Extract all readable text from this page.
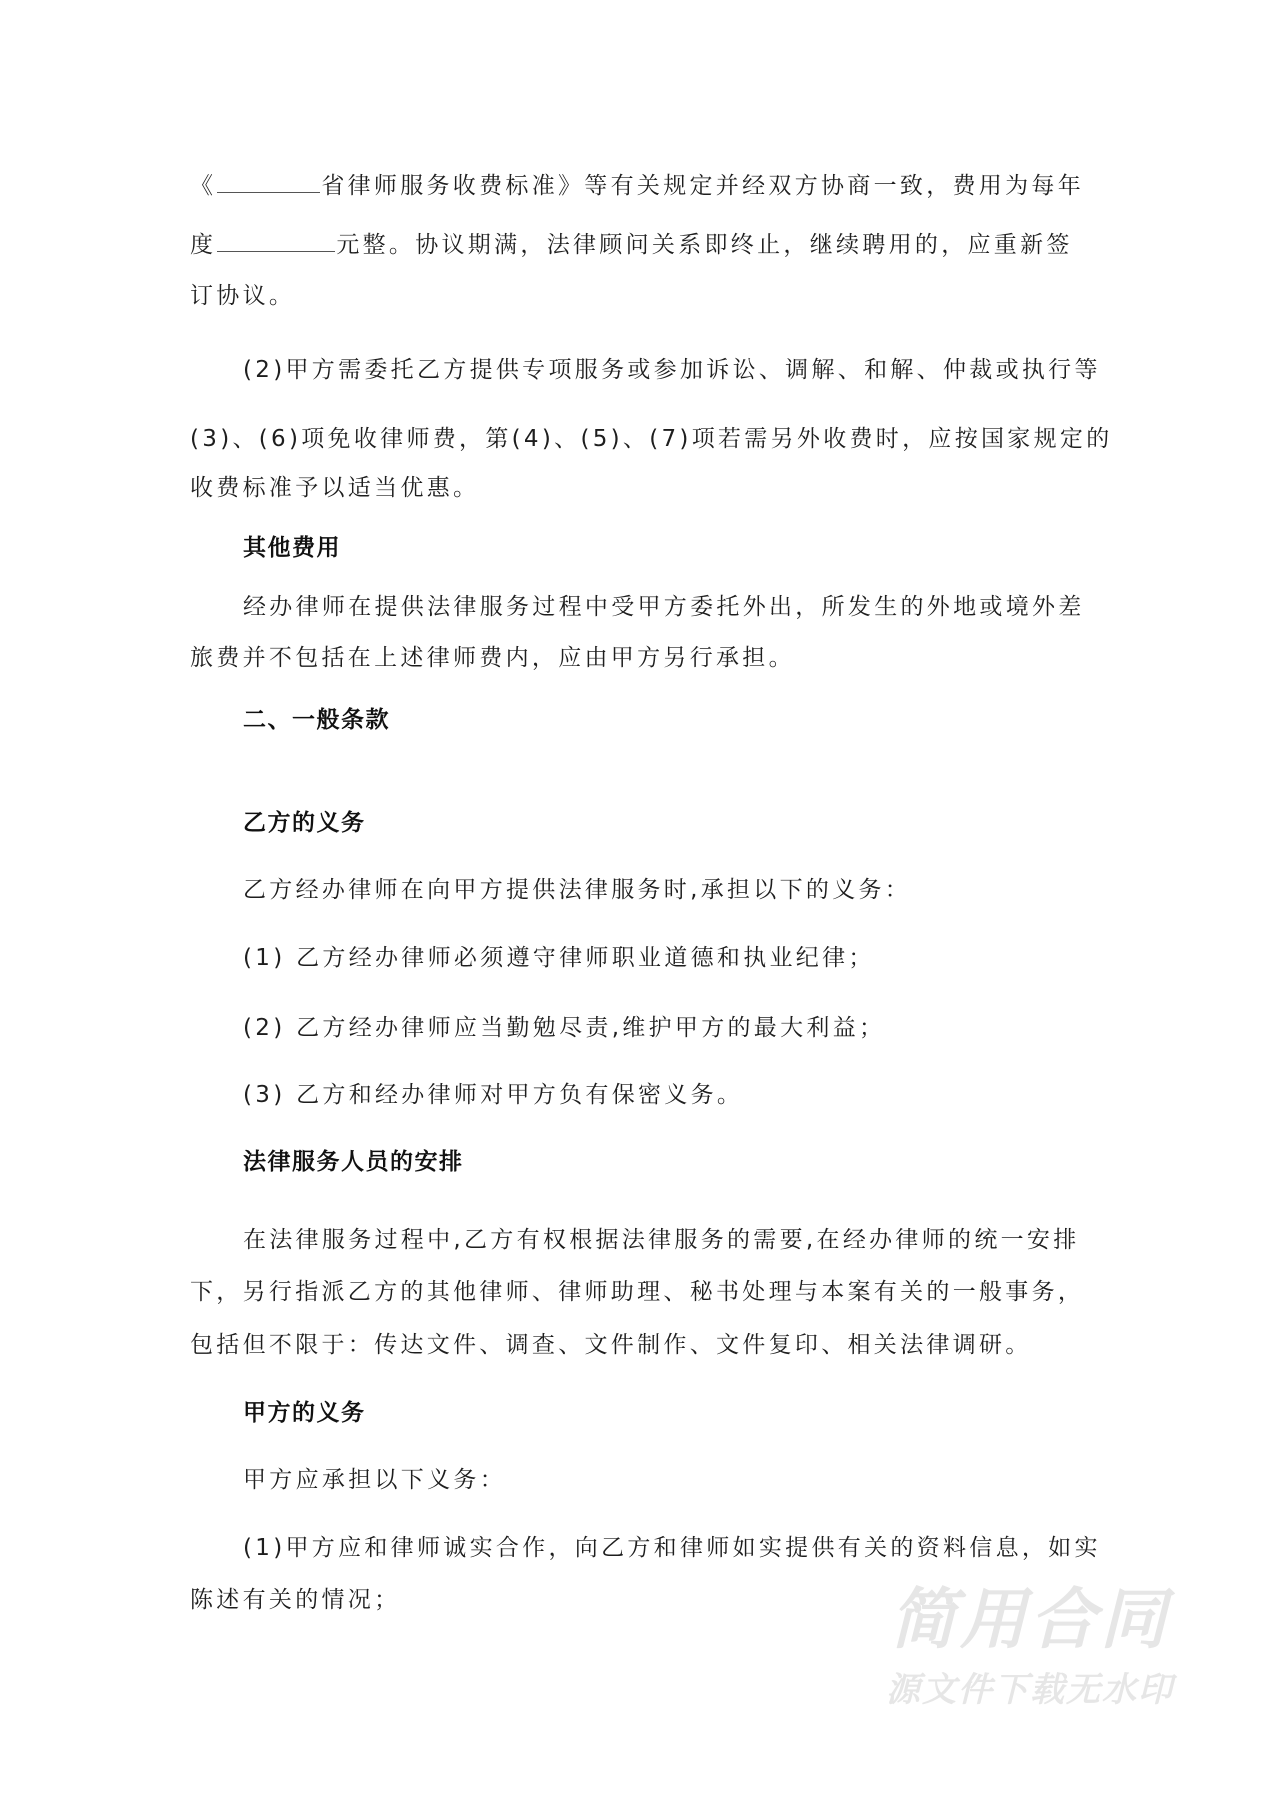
《	省律师服务收费标准》等有关规定并经双方协商一致，费用为每年
度	元整。协议期满，法律顾问关系即终止，继续聘用的，应重新签
订协议。
(2)甲方需委托乙方提供专项服务或参加诉讼、调解、和解、仲裁或执行等
(3)、(6)项免收律师费，第(4)、(5)、(7)项若需另外收费时，应按国家规定的
收费标准予以适当优惠。
其他费用
经办律师在提供法律服务过程中受甲方委托外出，所发生的外地或境外差
旅费并不包括在上述律师费内，应由甲方另行承担。
二、一般条款
乙方的义务
乙方经办律师在向甲方提供法律服务时,承担以下的义务：
(1) 乙方经办律师必须遵守律师职业道德和执业纪律；
(2) 乙方经办律师应当勤勉尽责,维护甲方的最大利益；
(3) 乙方和经办律师对甲方负有保密义务。
法律服务人员的安排
在法律服务过程中,乙方有权根据法律服务的需要,在经办律师的统一安排
下，另行指派乙方的其他律师、律师助理、秘书处理与本案有关的一般事务，
包括但不限于：传达文件、调查、文件制作、文件复印、相关法律调研。
甲方的义务
甲方应承担以下义务：
(1)甲方应和律师诚实合作，向乙方和律师如实提供有关的资料信息，如实
陈述有关的情况；	简用合同
源文件下载无水印
